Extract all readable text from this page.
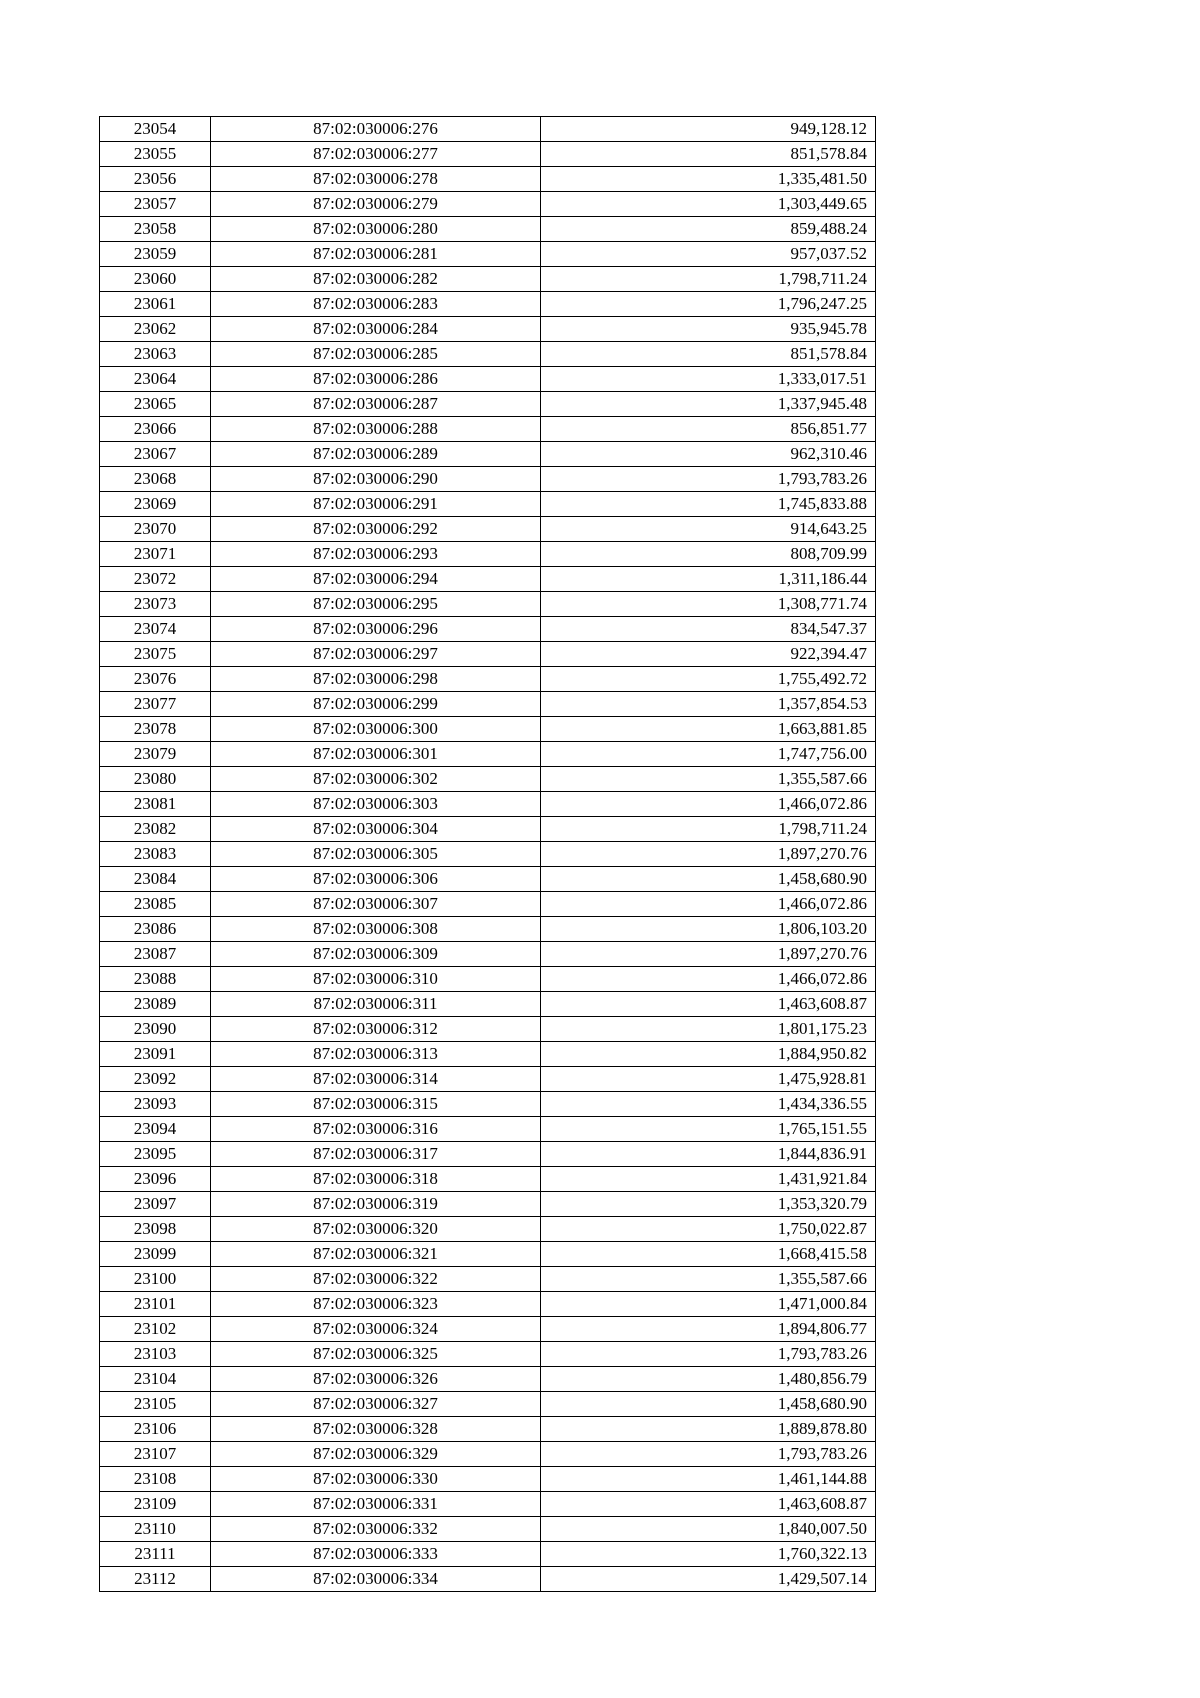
23054	87:02:030006:276	949,128.12
23055	87:02:030006:277	851,578.84
23056	87:02:030006:278	1,335,481.50
23057	87:02:030006:279	1,303,449.65
23058	87:02:030006:280	859,488.24
23059	87:02:030006:281	957,037.52
23060	87:02:030006:282	1,798,711.24
23061	87:02:030006:283	1,796,247.25
23062	87:02:030006:284	935,945.78
23063	87:02:030006:285	851,578.84
23064	87:02:030006:286	1,333,017.51
23065	87:02:030006:287	1,337,945.48
23066	87:02:030006:288	856,851.77
23067	87:02:030006:289	962,310.46
23068	87:02:030006:290	1,793,783.26
23069	87:02:030006:291	1,745,833.88
23070	87:02:030006:292	914,643.25
23071	87:02:030006:293	808,709.99
23072	87:02:030006:294	1,311,186.44
23073	87:02:030006:295	1,308,771.74
23074	87:02:030006:296	834,547.37
23075	87:02:030006:297	922,394.47
23076	87:02:030006:298	1,755,492.72
23077	87:02:030006:299	1,357,854.53
23078	87:02:030006:300	1,663,881.85
23079	87:02:030006:301	1,747,756.00
23080	87:02:030006:302	1,355,587.66
23081	87:02:030006:303	1,466,072.86
23082	87:02:030006:304	1,798,711.24
23083	87:02:030006:305	1,897,270.76
23084	87:02:030006:306	1,458,680.90
23085	87:02:030006:307	1,466,072.86
23086	87:02:030006:308	1,806,103.20
23087	87:02:030006:309	1,897,270.76
23088	87:02:030006:310	1,466,072.86
23089	87:02:030006:311	1,463,608.87
23090	87:02:030006:312	1,801,175.23
23091	87:02:030006:313	1,884,950.82
23092	87:02:030006:314	1,475,928.81
23093	87:02:030006:315	1,434,336.55
23094	87:02:030006:316	1,765,151.55
23095	87:02:030006:317	1,844,836.91
23096	87:02:030006:318	1,431,921.84
23097	87:02:030006:319	1,353,320.79
23098	87:02:030006:320	1,750,022.87
23099	87:02:030006:321	1,668,415.58
23100	87:02:030006:322	1,355,587.66
23101	87:02:030006:323	1,471,000.84
23102	87:02:030006:324	1,894,806.77
23103	87:02:030006:325	1,793,783.26
23104	87:02:030006:326	1,480,856.79
23105	87:02:030006:327	1,458,680.90
23106	87:02:030006:328	1,889,878.80
23107	87:02:030006:329	1,793,783.26
23108	87:02:030006:330	1,461,144.88
23109	87:02:030006:331	1,463,608.87
23110	87:02:030006:332	1,840,007.50
23111	87:02:030006:333	1,760,322.13
23112	87:02:030006:334	1,429,507.14
